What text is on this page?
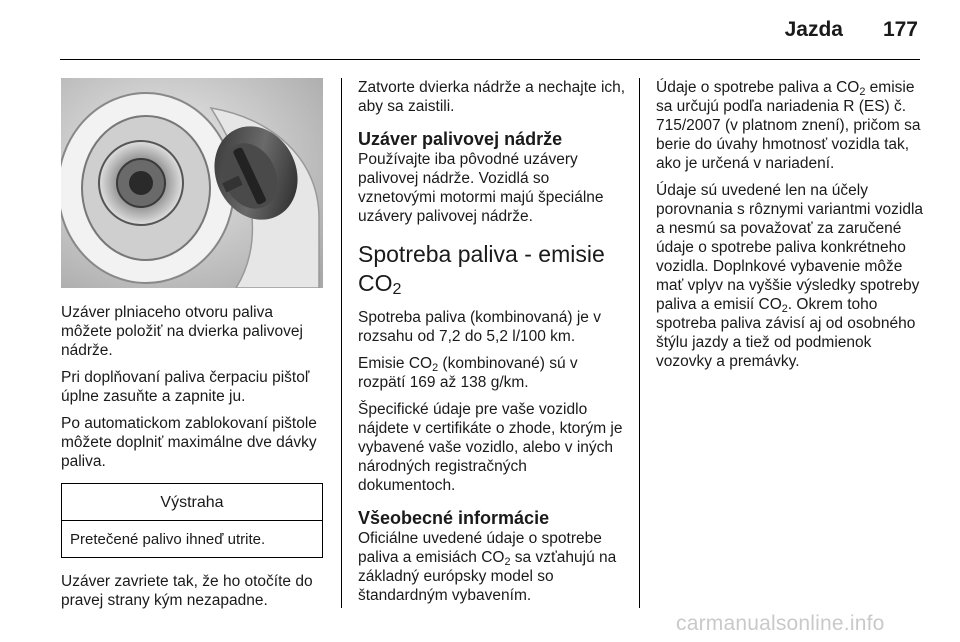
Jazda 177

Uzáver plniaceho otvoru paliva môžete položiť na dvierka palivovej nádrže.

Pri doplňovaní paliva čerpaciu pištoľ úplne zasuňte a zapnite ju.

Po automatickom zablokovaní pištole môžete doplniť maximálne dve dávky paliva.

Výstraha
Pretečené palivo ihneď utrite.

Uzáver zavriete tak, že ho otočíte do pravej strany kým nezapadne.

Zatvorte dvierka nádrže a nechajte ich, aby sa zaistili.

Uzáver palivovej nádrže

Používajte iba pôvodné uzávery palivovej nádrže. Vozidlá so vznetovými motormi majú špeciálne uzávery palivovej nádrže.

Spotreba paliva - emisie $CO_2$

Spotreba paliva (kombinovaná) je v rozsahu od 7,2 do 5,2 l/100 km.

Emisie $CO_2$ (kombinované) sú v rozpätí 169 až 138 g/km.

Špecifické údaje pre vaše vozidlo nájdete v certifikáte o zhode, ktorým je vybavené vaše vozidlo, alebo v iných národných registračných dokumentoch.

Všeobecné informácie

Oficiálne uvedené údaje o spotrebe paliva a emisiách $CO_2$ sa vzťahujú na základný európsky model so štandardným vybavením.

Údaje o spotrebe paliva a $CO_2$ emisie sa určujú podľa nariadenia R (ES) č. 715/2007 (v platnom znení), pričom sa berie do úvahy hmotnosť vozidla tak, ako je určená v nariadení.

Údaje sú uvedené len na účely porovnania s rôznymi variantmi vozidla a nesmú sa považovať za zaručené údaje o spotrebe paliva konkrétneho vozidla. Doplnkové vybavenie môže mať vplyv na vyššie výsledky spotreby paliva a emisií $CO_2$. Okrem toho spotreba paliva závisí aj od osobného štýlu jazdy a tiež od podmienok vozovky a premávky.

carmanualsonline.info
